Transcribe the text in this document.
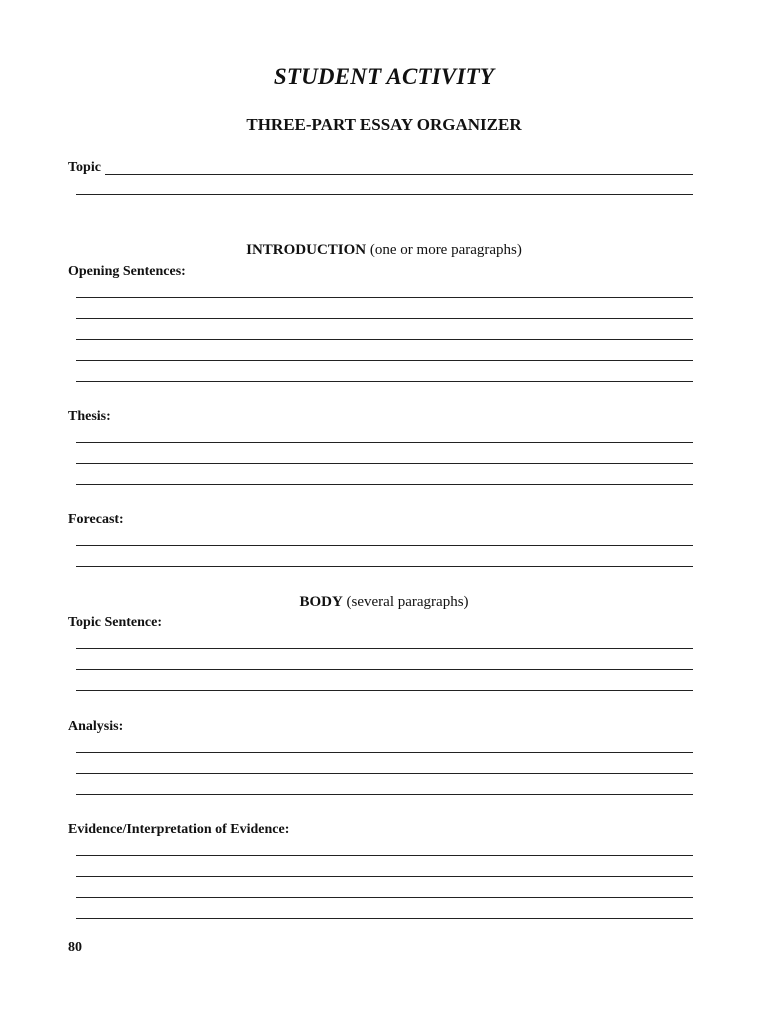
STUDENT ACTIVITY
THREE-PART ESSAY ORGANIZER
Topic
INTRODUCTION (one or more paragraphs)
Opening Sentences:
Thesis:
Forecast:
BODY (several paragraphs)
Topic Sentence:
Analysis:
Evidence/Interpretation of Evidence:
80
